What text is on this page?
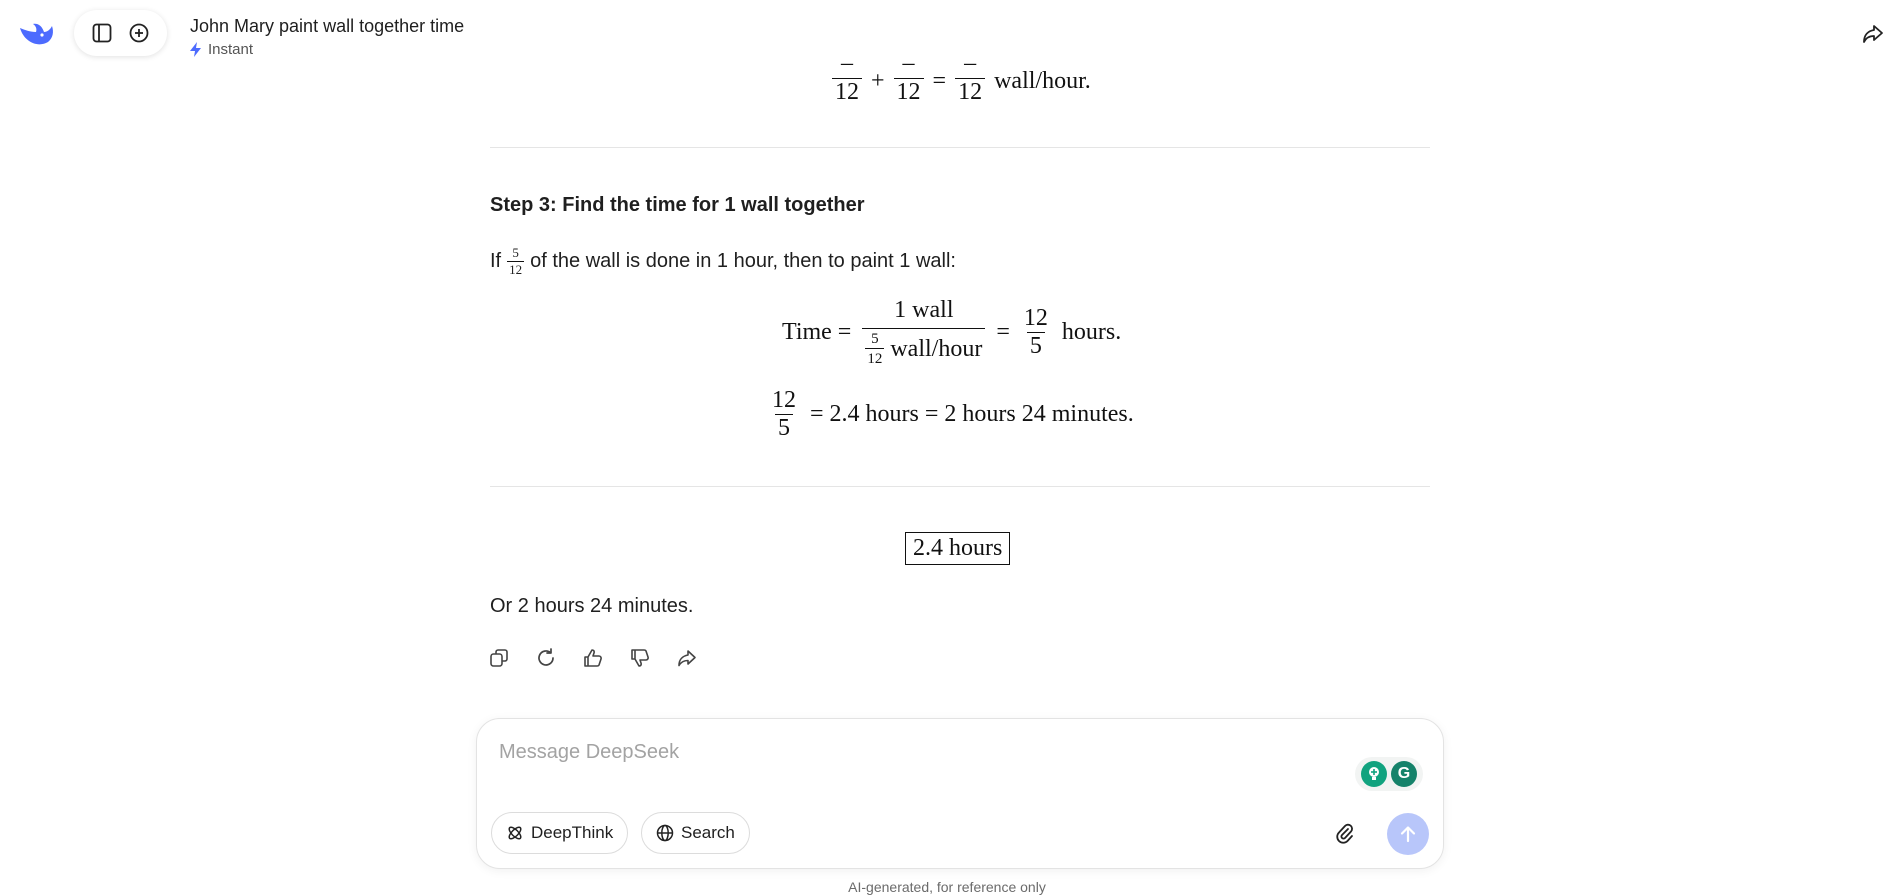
John Mary paint wall together time
Instant
$\frac{-}{12} + \frac{-}{12} = \frac{-}{12}$ wall/hour.
Step 3: Find the time for 1 wall together
If $\frac{5}{12}$ of the wall is done in 1 hour, then to paint 1 wall:
Time = $\frac{\text{1 wall}}{\frac{5}{12} wall/hour} = \frac{12}{5}$ hours.
$\frac{12}{5} = 2.4$ hours = 2 hours 24 minutes.
2.4 hours
Or 2 hours 24 minutes.
Message DeepSeek
G
DeepThink	Search
AI-generated, for reference only
